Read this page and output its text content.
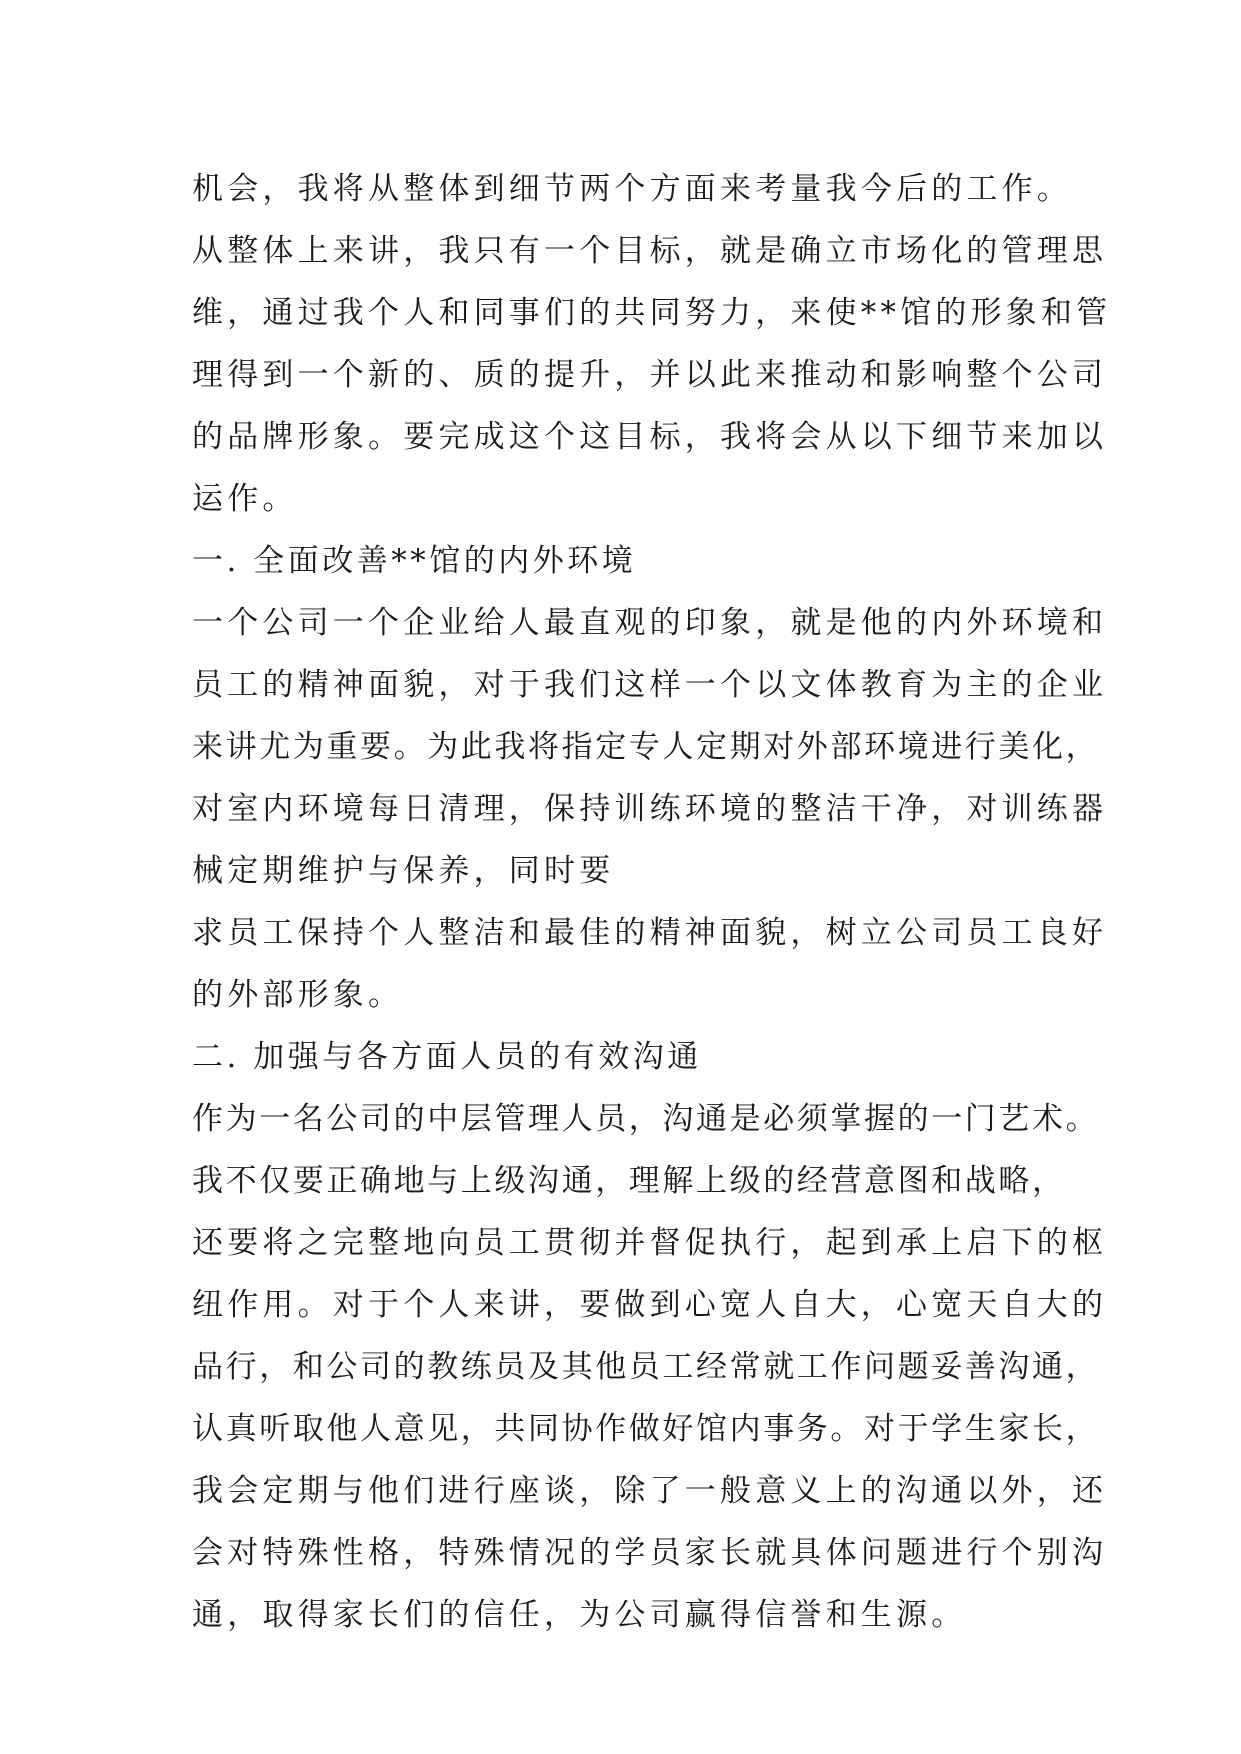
机会，我将从整体到细节两个方面来考量我今后的工作。
从整体上来讲，我只有一个目标，就是确立市场化的管理思
维，通过我个人和同事们的共同努力，来使**馆的形象和管
理得到一个新的、质的提升，并以此来推动和影响整个公司
的品牌形象。要完成这个这目标，我将会从以下细节来加以
运作。
一. 全面改善**馆的内外环境
一个公司一个企业给人最直观的印象，就是他的内外环境和
员工的精神面貌，对于我们这样一个以文体教育为主的企业
来讲尤为重要。为此我将指定专人定期对外部环境进行美化，
对室内环境每日清理，保持训练环境的整洁干净，对训练器
械定期维护与保养，同时要
求员工保持个人整洁和最佳的精神面貌，树立公司员工良好
的外部形象。
二. 加强与各方面人员的有效沟通
作为一名公司的中层管理人员，沟通是必须掌握的一门艺术。
我不仅要正确地与上级沟通，理解上级的经营意图和战略，
还要将之完整地向员工贯彻并督促执行，起到承上启下的枢
纽作用。对于个人来讲，要做到心宽人自大，心宽天自大的
品行，和公司的教练员及其他员工经常就工作问题妥善沟通，
认真听取他人意见，共同协作做好馆内事务。对于学生家长，
我会定期与他们进行座谈，除了一般意义上的沟通以外，还
会对特殊性格，特殊情况的学员家长就具体问题进行个别沟
通，取得家长们的信任，为公司赢得信誉和生源。
